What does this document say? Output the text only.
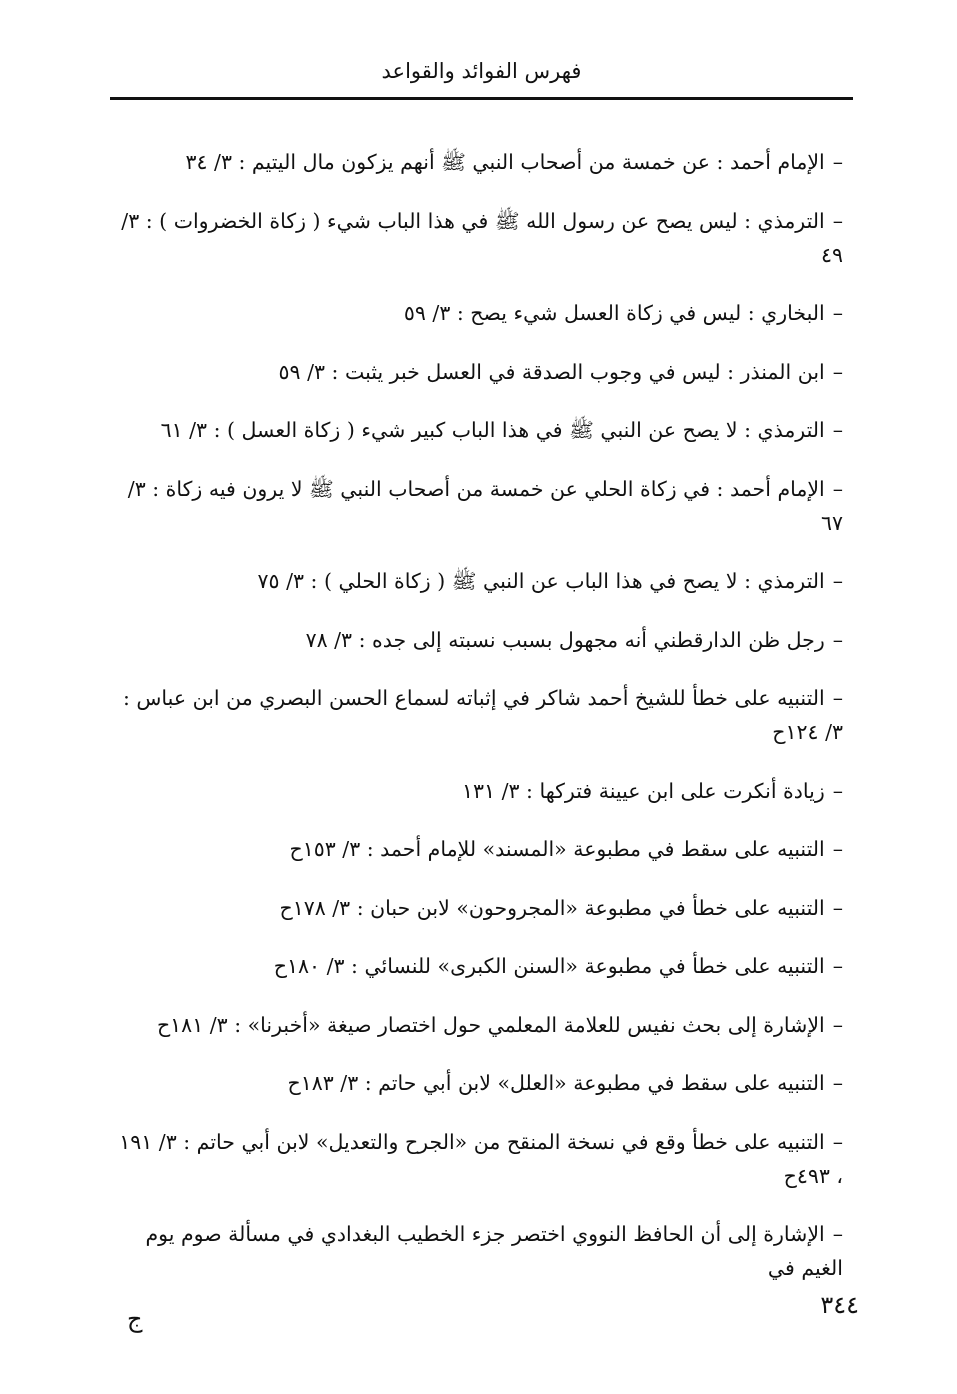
فهرس الفوائد والقواعد
–الإمام أحمد : عن خمسة من أصحاب النبي ﷺ أنهم يزكون مال اليتيم : ٣/ ٣٤
–الترمذي : ليس يصح عن رسول الله ﷺ في هذا الباب شيء ( زكاة الخضروات ) : ٣/ ٤٩
–البخاري : ليس في زكاة العسل شيء يصح : ٣/ ٥٩
–ابن المنذر : ليس في وجوب الصدقة في العسل خبر يثبت : ٣/ ٥٩
–الترمذي : لا يصح عن النبي ﷺ في هذا الباب كبير شيء ( زكاة العسل ) : ٣/ ٦١
–الإمام أحمد : في زكاة الحلي عن خمسة من أصحاب النبي ﷺ لا يرون فيه زكاة : ٣/ ٦٧
–الترمذي : لا يصح في هذا الباب عن النبي ﷺ ( زكاة الحلي ) : ٣/ ٧٥
–رجل ظن الدارقطني أنه مجهول بسبب نسبته إلى جده : ٣/ ٧٨
–التنبيه على خطأ للشيخ أحمد شاكر في إثباته لسماع الحسن البصري من ابن عباس : ٣/ ١٢٤ح
–زيادة أنكرت على ابن عيينة فتركها : ٣/ ١٣١
–التنبيه على سقط في مطبوعة «المسند» للإمام أحمد : ٣/ ١٥٣ح
–التنبيه على خطأ في مطبوعة «المجروحون» لابن حبان : ٣/ ١٧٨ح
–التنبيه على خطأ في مطبوعة «السنن الكبرى» للنسائي : ٣/ ١٨٠ح
–الإشارة إلى بحث نفيس للعلامة المعلمي حول اختصار صيغة «أخبرنا» : ٣/ ١٨١ح
–التنبيه على سقط في مطبوعة «العلل» لابن أبي حاتم : ٣/ ١٨٣ح
–التنبيه على خطأ وقع في نسخة المنقح من «الجرح والتعديل» لابن أبي حاتم : ٣/ ١٩١ ، ٤٩٣ح
–الإشارة إلى أن الحافظ النووي اختصر جزء الخطيب البغدادي في مسألة صوم يوم الغيم في
٣٤٤
ج
